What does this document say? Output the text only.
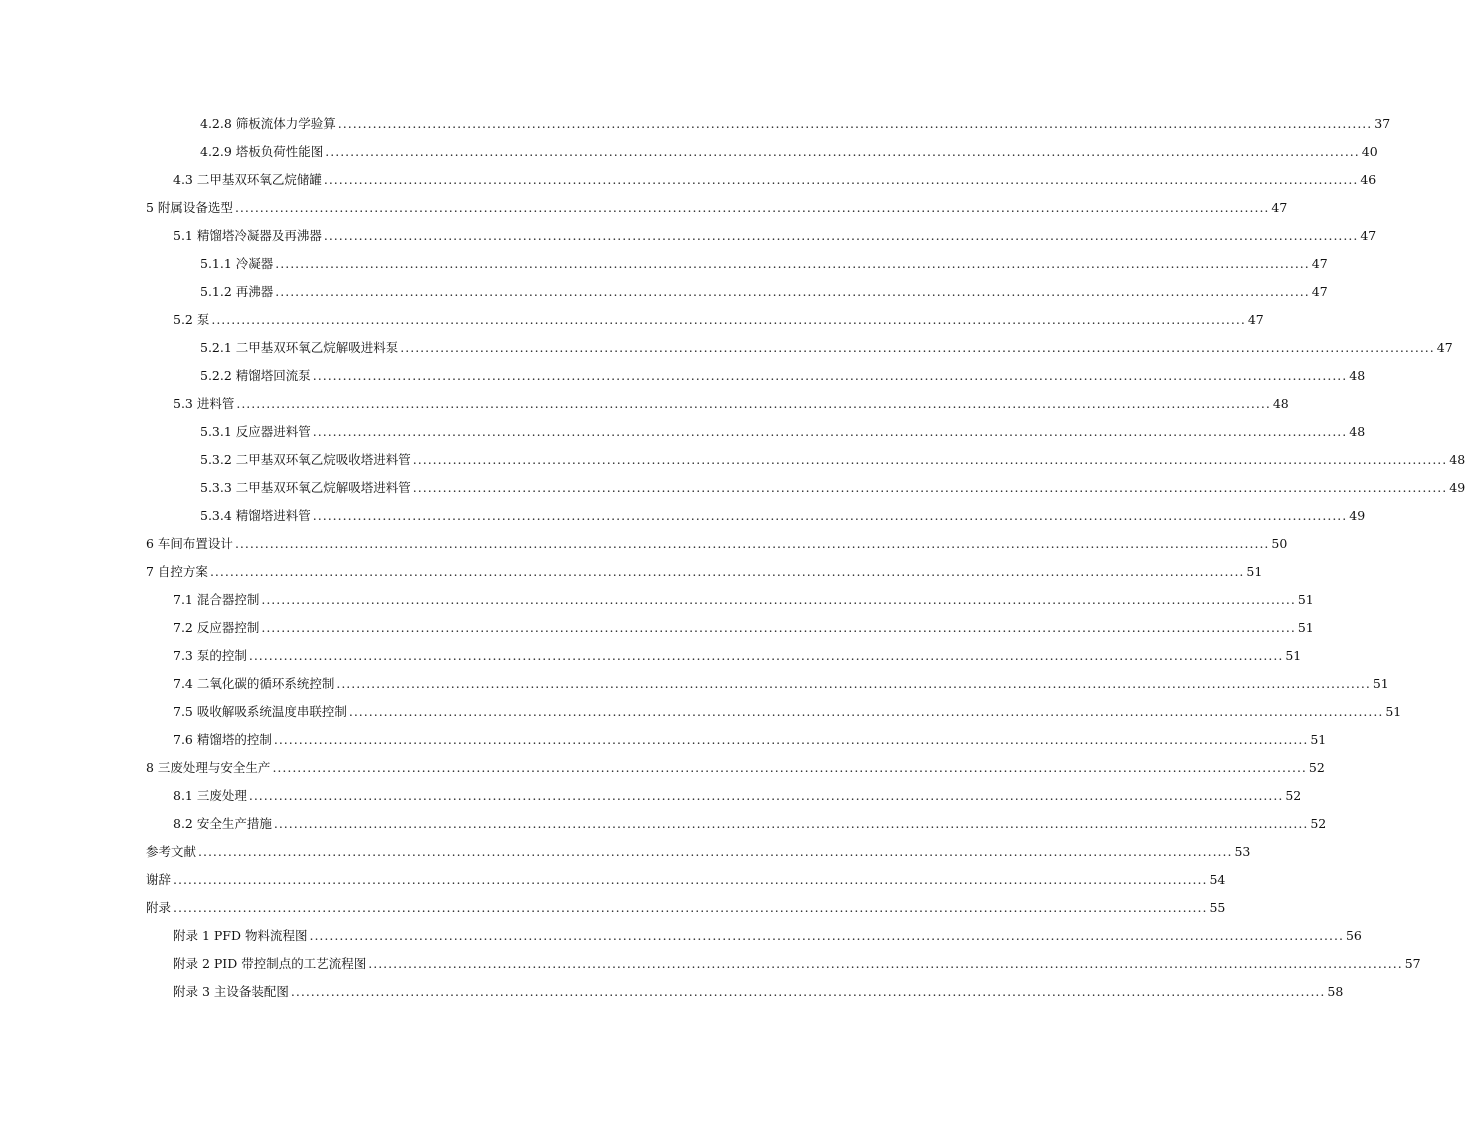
4.2.8 筛板流体力学验算 ................................................................................................................................................................................................................ 37
4.2.9 塔板负荷性能图 ................................................................................................................................................................................................................ 40
4.3 二甲基双环氧乙烷储罐 ................................................................................................................................................................................................................ 46
5 附属设备选型 ................................................................................................................................................................................................................ 47
5.1 精馏塔冷凝器及再沸器 ................................................................................................................................................................................................................ 47
5.1.1 冷凝器 ................................................................................................................................................................................................................ 47
5.1.2 再沸器 ................................................................................................................................................................................................................ 47
5.2 泵 ................................................................................................................................................................................................................ 47
5.2.1 二甲基双环氧乙烷解吸进料泵 ................................................................................................................................................................................................................ 47
5.2.2 精馏塔回流泵 ................................................................................................................................................................................................................ 48
5.3 进料管 ................................................................................................................................................................................................................ 48
5.3.1 反应器进料管 ................................................................................................................................................................................................................ 48
5.3.2 二甲基双环氧乙烷吸收塔进料管 ................................................................................................................................................................................................................ 48
5.3.3 二甲基双环氧乙烷解吸塔进料管 ................................................................................................................................................................................................................ 49
5.3.4 精馏塔进料管 ................................................................................................................................................................................................................ 49
6 车间布置设计 ................................................................................................................................................................................................................ 50
7 自控方案 ................................................................................................................................................................................................................ 51
7.1 混合器控制 ................................................................................................................................................................................................................ 51
7.2 反应器控制 ................................................................................................................................................................................................................ 51
7.3 泵的控制 ................................................................................................................................................................................................................ 51
7.4 二氧化碳的循环系统控制 ................................................................................................................................................................................................................ 51
7.5 吸收解吸系统温度串联控制 ................................................................................................................................................................................................................ 51
7.6 精馏塔的控制 ................................................................................................................................................................................................................ 51
8 三废处理与安全生产 ................................................................................................................................................................................................................ 52
8.1 三废处理 ................................................................................................................................................................................................................ 52
8.2 安全生产措施 ................................................................................................................................................................................................................ 52
参考文献 ................................................................................................................................................................................................................ 53
谢辞 ................................................................................................................................................................................................................ 54
附录 ................................................................................................................................................................................................................ 55
附录 1 PFD 物料流程图 ................................................................................................................................................................................................................ 56
附录 2 PID 带控制点的工艺流程图 ................................................................................................................................................................................................................ 57
附录 3 主设备装配图 ................................................................................................................................................................................................................ 58
